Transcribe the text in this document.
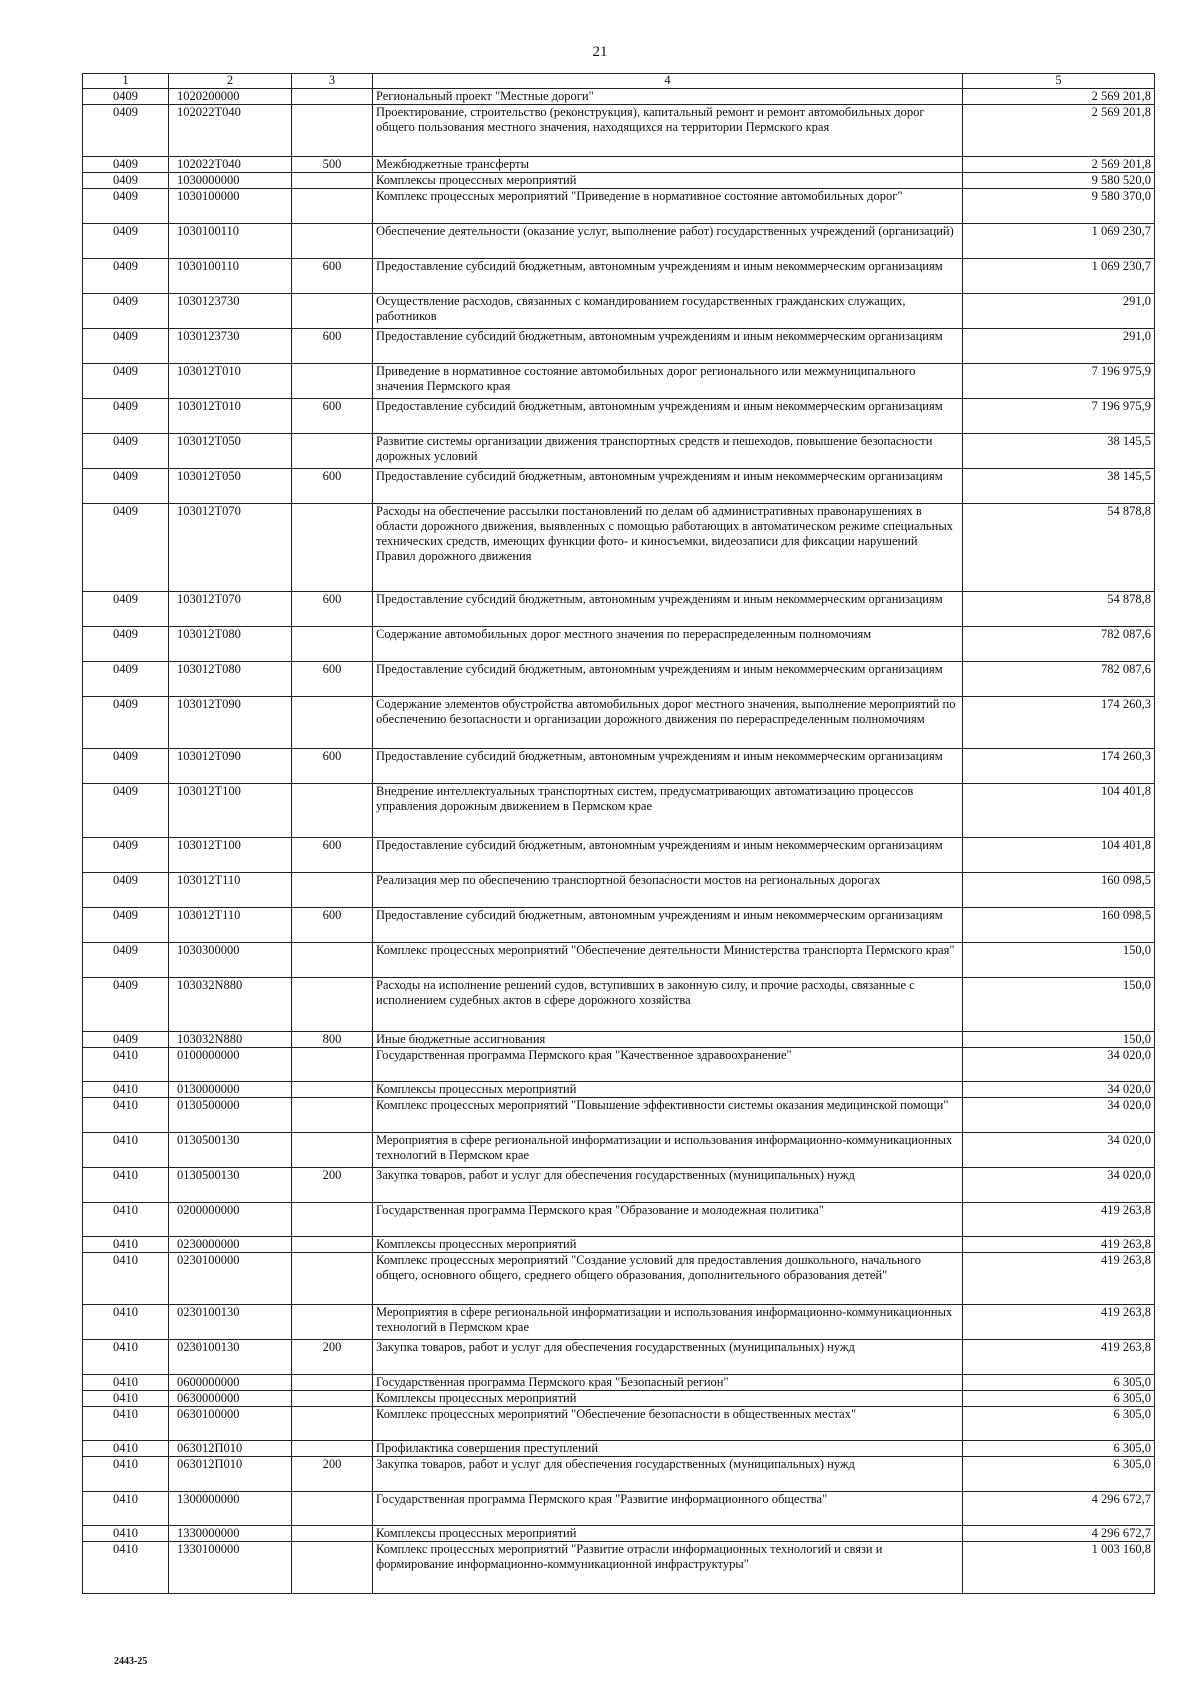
21
1	2	3	4	5
0409	1020200000		Региональный проект "Местные дороги"	2 569 201,8
0409	102022T040		Проектирование, строительство (реконструкция), капитальный ремонт и ремонт автомобильных дорог общего пользования местного значения, находящихся на территории Пермского края	2 569 201,8
0409	102022T040	500	Межбюджетные трансферты	2 569 201,8
0409	1030000000		Комплексы процессных мероприятий	9 580 520,0
0409	1030100000		Комплекс процессных мероприятий "Приведение в нормативное состояние автомобильных дорог"	9 580 370,0
0409	1030100110		Обеспечение деятельности (оказание услуг, выполнение работ) государственных учреждений (организаций)	1 069 230,7
0409	1030100110	600	Предоставление субсидий бюджетным, автономным учреждениям и иным некоммерческим организациям	1 069 230,7
0409	1030123730		Осуществление расходов, связанных с командированием государственных гражданских служащих, работников	291,0
0409	1030123730	600	Предоставление субсидий бюджетным, автономным учреждениям и иным некоммерческим организациям	291,0
0409	103012T010		Приведение в нормативное состояние автомобильных дорог регионального или межмуниципального значения Пермского края	7 196 975,9
0409	103012T010	600	Предоставление субсидий бюджетным, автономным учреждениям и иным некоммерческим организациям	7 196 975,9
0409	103012T050		Развитие системы организации движения транспортных средств и пешеходов, повышение безопасности дорожных условий	38 145,5
0409	103012T050	600	Предоставление субсидий бюджетным, автономным учреждениям и иным некоммерческим организациям	38 145,5
0409	103012T070		Расходы на обеспечение рассылки постановлений по делам об административных правонарушениях в области дорожного движения, выявленных с помощью работающих в автоматическом режиме специальных технических средств, имеющих функции фото- и киносъемки, видеозаписи для фиксации нарушений Правил дорожного движения	54 878,8
0409	103012T070	600	Предоставление субсидий бюджетным, автономным учреждениям и иным некоммерческим организациям	54 878,8
0409	103012T080		Содержание автомобильных дорог местного значения по перераспределенным полномочиям	782 087,6
0409	103012T080	600	Предоставление субсидий бюджетным, автономным учреждениям и иным некоммерческим организациям	782 087,6
0409	103012T090		Содержание элементов обустройства автомобильных дорог местного значения, выполнение мероприятий по обеспечению безопасности и организации дорожного движения по перераспределенным полномочиям	174 260,3
0409	103012T090	600	Предоставление субсидий бюджетным, автономным учреждениям и иным некоммерческим организациям	174 260,3
0409	103012T100		Внедрение интеллектуальных транспортных систем, предусматривающих автоматизацию процессов управления дорожным движением в Пермском крае	104 401,8
0409	103012T100	600	Предоставление субсидий бюджетным, автономным учреждениям и иным некоммерческим организациям	104 401,8
0409	103012T110		Реализация мер по обеспечению транспортной безопасности мостов на региональных дорогах	160 098,5
0409	103012T110	600	Предоставление субсидий бюджетным, автономным учреждениям и иным некоммерческим организациям	160 098,5
0409	1030300000		Комплекс процессных мероприятий "Обеспечение деятельности Министерства транспорта Пермского края"	150,0
0409	103032N880		Расходы на исполнение решений судов, вступивших в законную силу, и прочие расходы, связанные с исполнением судебных актов в сфере дорожного хозяйства	150,0
0409	103032N880	800	Иные бюджетные ассигнования	150,0
0410	0100000000		Государственная программа Пермского края "Качественное здравоохранение"	34 020,0
0410	0130000000		Комплексы процессных мероприятий	34 020,0
0410	0130500000		Комплекс процессных мероприятий "Повышение эффективности системы оказания медицинской помощи"	34 020,0
0410	0130500130		Мероприятия в сфере региональной информатизации и использования информационно-коммуникационных технологий в Пермском крае	34 020,0
0410	0130500130	200	Закупка товаров, работ и услуг для обеспечения государственных (муниципальных) нужд	34 020,0
0410	0200000000		Государственная программа Пермского края "Образование и молодежная политика"	419 263,8
0410	0230000000		Комплексы процессных мероприятий	419 263,8
0410	0230100000		Комплекс процессных мероприятий "Создание условий для предоставления дошкольного, начального общего, основного общего, среднего общего образования, дополнительного образования детей"	419 263,8
0410	0230100130		Мероприятия в сфере региональной информатизации и использования информационно-коммуникационных технологий в Пермском крае	419 263,8
0410	0230100130	200	Закупка товаров, работ и услуг для обеспечения государственных (муниципальных) нужд	419 263,8
0410	0600000000		Государственная программа Пермского края "Безопасный регион"	6 305,0
0410	0630000000		Комплексы процессных мероприятий	6 305,0
0410	0630100000		Комплекс процессных мероприятий "Обеспечение безопасности в общественных местах"	6 305,0
0410	063012П010		Профилактика совершения преступлений	6 305,0
0410	063012П010	200	Закупка товаров, работ и услуг для обеспечения государственных (муниципальных) нужд	6 305,0
0410	1300000000		Государственная программа Пермского края "Развитие информационного общества"	4 296 672,7
0410	1330000000		Комплексы процессных мероприятий	4 296 672,7
0410	1330100000		Комплекс процессных мероприятий "Развитие отрасли информационных технологий и связи и формирование информационно-коммуникационной инфраструктуры"	1 003 160,8
2443-25
